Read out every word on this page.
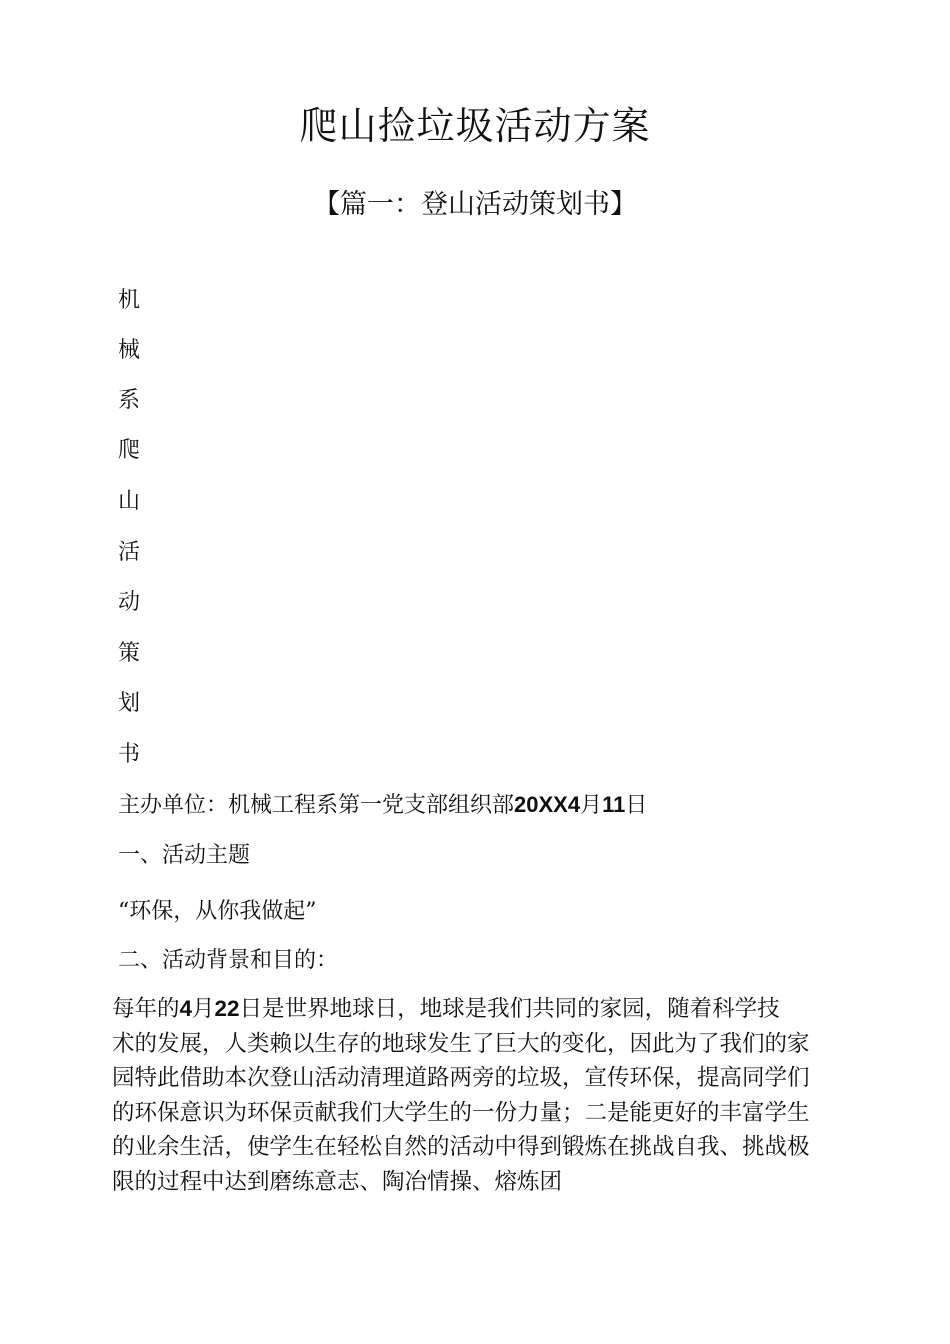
爬山捡垃圾活动方案
【篇一：登山活动策划书】
机
械
系
爬
山
活
动
策
划
书
主办单位：机械工程系第一党支部组织部20XX4月11日
一、活动主题
“环保，从你我做起”
二、活动背景和目的：
每年的4月22日是世界地球日，地球是我们共同的家园，随着科学技
术的发展，人类赖以生存的地球发生了巨大的变化，因此为了我们的家
园特此借助本次登山活动清理道路两旁的垃圾，宣传环保，提高同学们
的环保意识为环保贡献我们大学生的一份力量；二是能更好的丰富学生
的业余生活，使学生在轻松自然的活动中得到锻炼在挑战自我、挑战极
限的过程中达到磨练意志、陶冶情操、熔炼团
